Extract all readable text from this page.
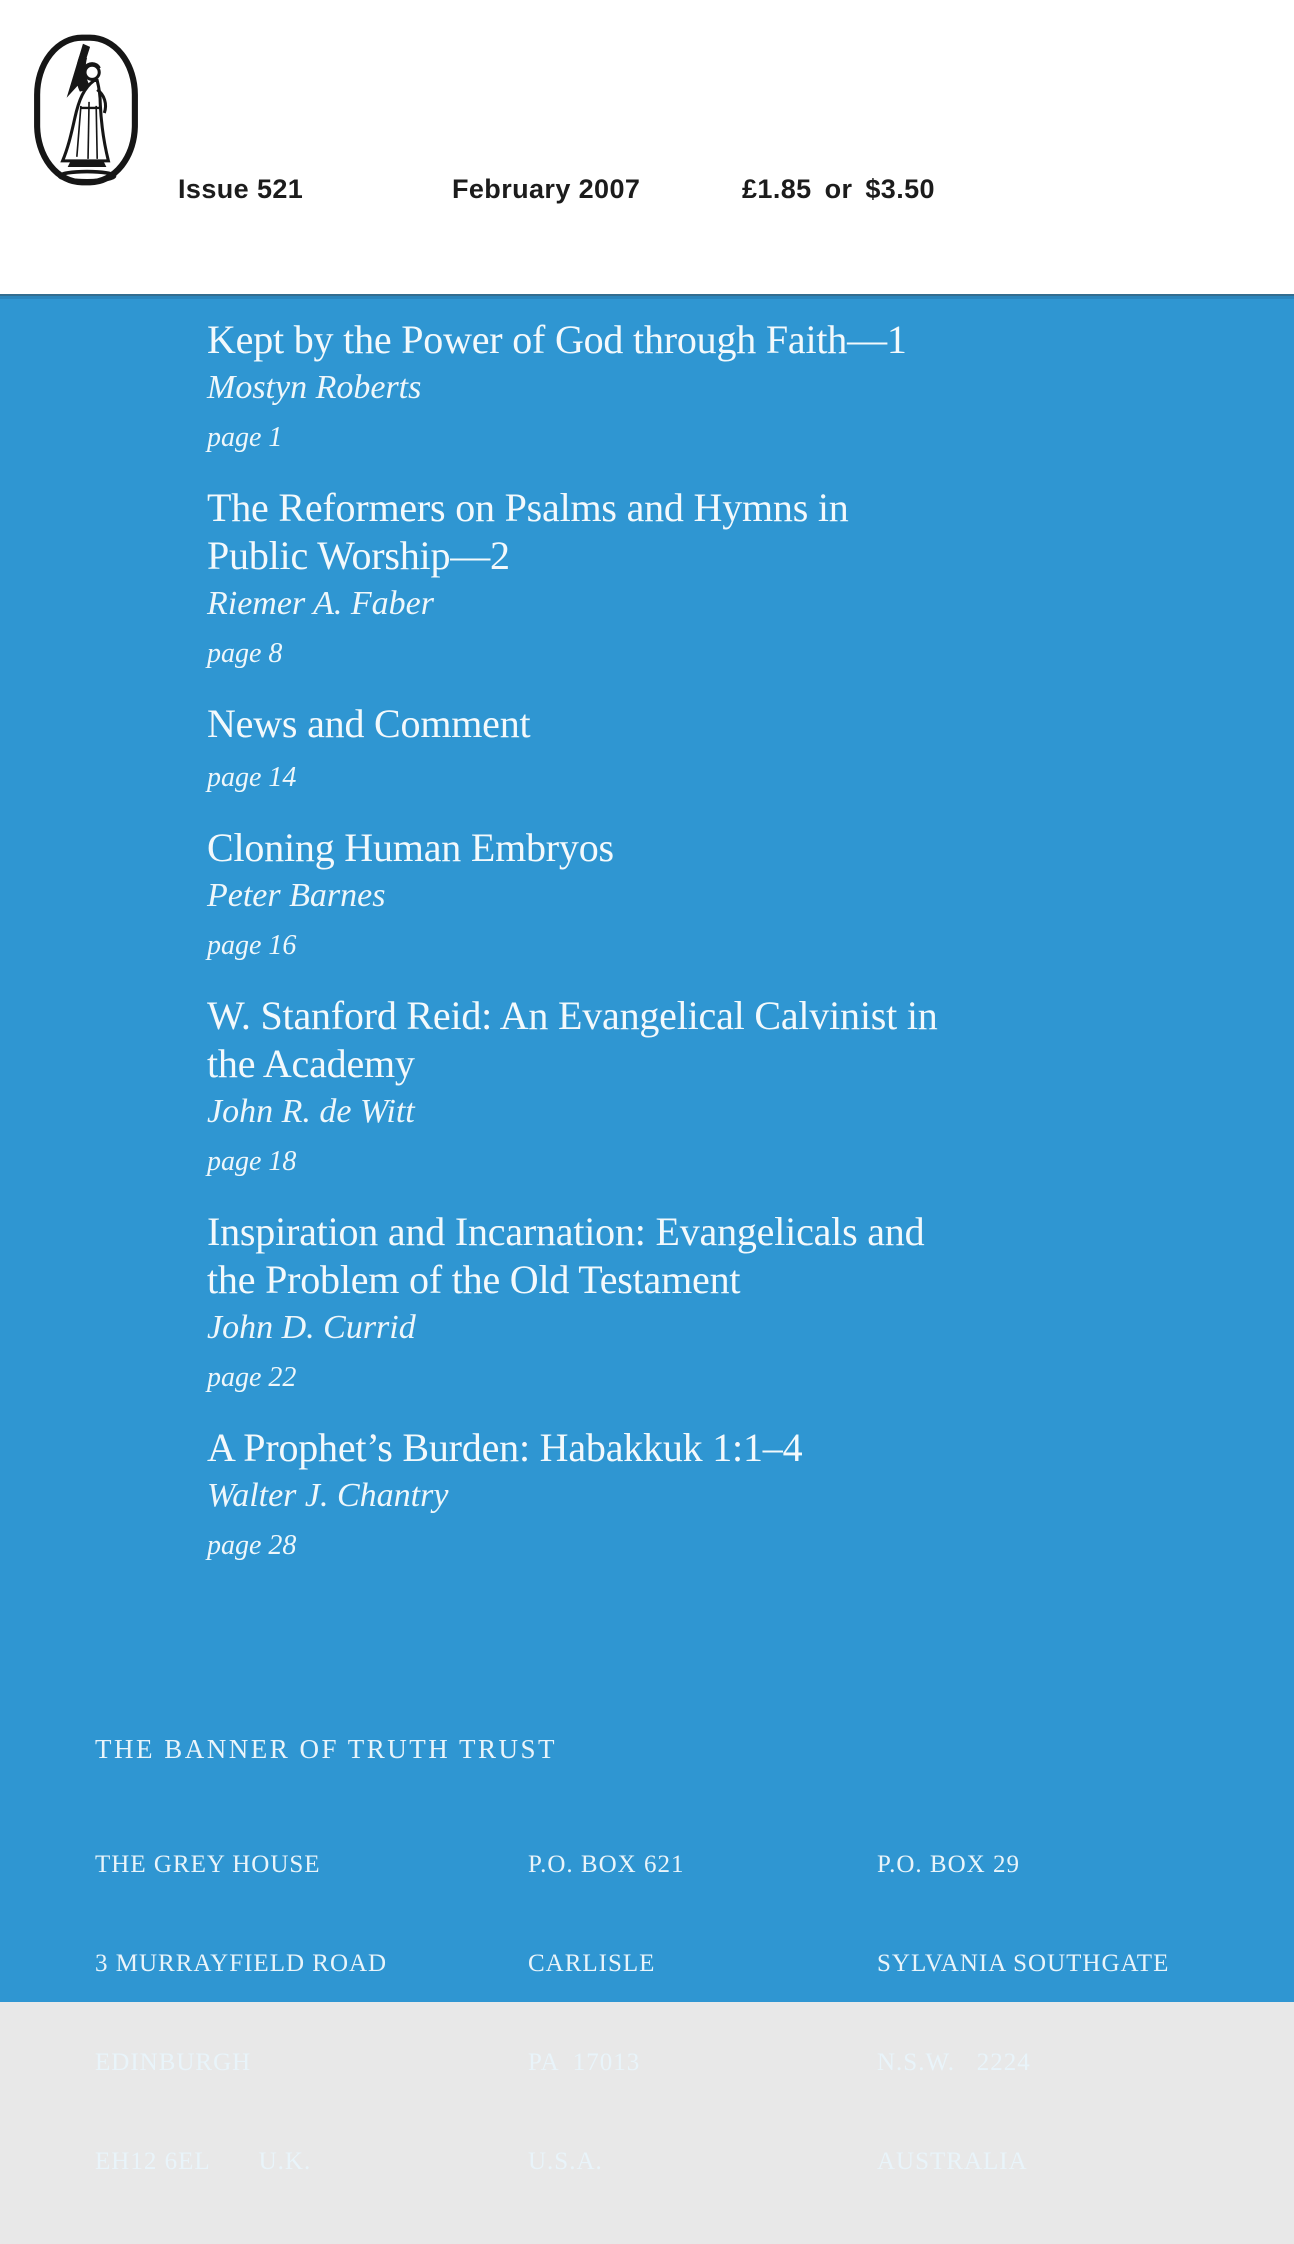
Issue 521	February 2007	£1.85 or $3.50
Kept by the Power of God through Faith—1
Mostyn Roberts
page 1
The Reformers on Psalms and Hymns in
Public Worship—2
Riemer A. Faber
page 8
News and Comment
page 14
Cloning Human Embryos
Peter Barnes
page 16
W. Stanford Reid: An Evangelical Calvinist in
the Academy
John R. de Witt
page 18
Inspiration and Incarnation: Evangelicals and
the Problem of the Old Testament
John D. Currid
page 22
A Prophet’s Burden: Habakkuk 1:1–4
Walter J. Chantry
page 28
THE BANNER OF TRUTH TRUST

THE GREY HOUSE

3 MURRAYFIELD ROAD

EDINBURGH

EH12 6EL U.K.

P.O. BOX 621

CARLISLE

PA  17013

U.S.A.

P.O. BOX 29

SYLVANIA SOUTHGATE

N.S.W.   2224

AUSTRALIA
